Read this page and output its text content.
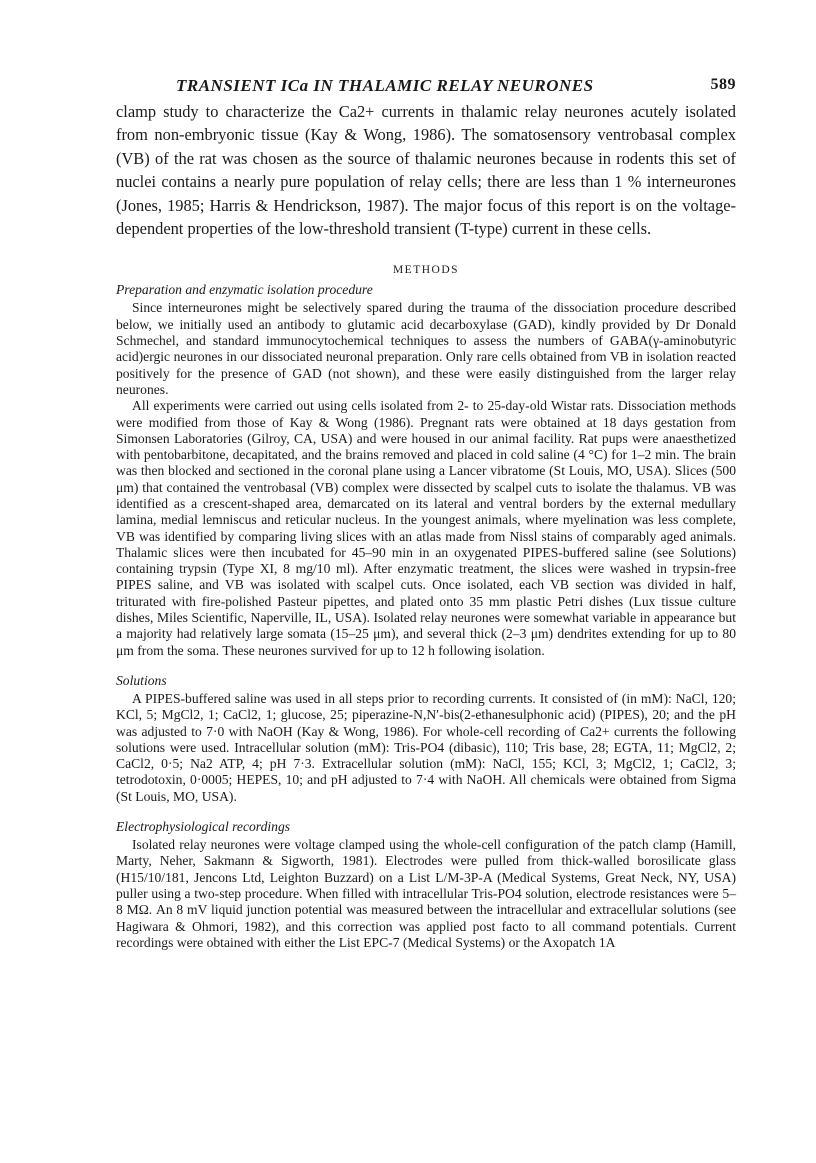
TRANSIENT ICa IN THALAMIC RELAY NEURONES	589

clamp study to characterize the Ca2+ currents in thalamic relay neurones acutely isolated from non-embryonic tissue (Kay & Wong, 1986). The somatosensory ventrobasal complex (VB) of the rat was chosen as the source of thalamic neurones because in rodents this set of nuclei contains a nearly pure population of relay cells; there are less than 1 % interneurones (Jones, 1985; Harris & Hendrickson, 1987). The major focus of this report is on the voltage-dependent properties of the low-threshold transient (T-type) current in these cells.

METHODS
Preparation and enzymatic isolation procedure

Since interneurones might be selectively spared during the trauma of the dissociation procedure described below, we initially used an antibody to glutamic acid decarboxylase (GAD), kindly provided by Dr Donald Schmechel, and standard immunocytochemical techniques to assess the numbers of GABA(γ-aminobutyric acid)ergic neurones in our dissociated neuronal preparation. Only rare cells obtained from VB in isolation reacted positively for the presence of GAD (not shown), and these were easily distinguished from the larger relay neurones.

All experiments were carried out using cells isolated from 2- to 25-day-old Wistar rats. Dissociation methods were modified from those of Kay & Wong (1986). Pregnant rats were obtained at 18 days gestation from Simonsen Laboratories (Gilroy, CA, USA) and were housed in our animal facility. Rat pups were anaesthetized with pentobarbitone, decapitated, and the brains removed and placed in cold saline (4 °C) for 1–2 min. The brain was then blocked and sectioned in the coronal plane using a Lancer vibratome (St Louis, MO, USA). Slices (500 μm) that contained the ventrobasal (VB) complex were dissected by scalpel cuts to isolate the thalamus. VB was identified as a crescent-shaped area, demarcated on its lateral and ventral borders by the external medullary lamina, medial lemniscus and reticular nucleus. In the youngest animals, where myelination was less complete, VB was identified by comparing living slices with an atlas made from Nissl stains of comparably aged animals. Thalamic slices were then incubated for 45–90 min in an oxygenated PIPES-buffered saline (see Solutions) containing trypsin (Type XI, 8 mg/10 ml). After enzymatic treatment, the slices were washed in trypsin-free PIPES saline, and VB was isolated with scalpel cuts. Once isolated, each VB section was divided in half, triturated with fire-polished Pasteur pipettes, and plated onto 35 mm plastic Petri dishes (Lux tissue culture dishes, Miles Scientific, Naperville, IL, USA). Isolated relay neurones were somewhat variable in appearance but a majority had relatively large somata (15–25 μm), and several thick (2–3 μm) dendrites extending for up to 80 μm from the soma. These neurones survived for up to 12 h following isolation.

Solutions

A PIPES-buffered saline was used in all steps prior to recording currents. It consisted of (in mM): NaCl, 120; KCl, 5; MgCl2, 1; CaCl2, 1; glucose, 25; piperazine-N,N′-bis(2-ethanesulphonic acid) (PIPES), 20; and the pH was adjusted to 7·0 with NaOH (Kay & Wong, 1986). For whole-cell recording of Ca2+ currents the following solutions were used. Intracellular solution (mM): Tris-PO4 (dibasic), 110; Tris base, 28; EGTA, 11; MgCl2, 2; CaCl2, 0·5; Na2 ATP, 4; pH 7·3. Extracellular solution (mM): NaCl, 155; KCl, 3; MgCl2, 1; CaCl2, 3; tetrodotoxin, 0·0005; HEPES, 10; and pH adjusted to 7·4 with NaOH. All chemicals were obtained from Sigma (St Louis, MO, USA).

Electrophysiological recordings

Isolated relay neurones were voltage clamped using the whole-cell configuration of the patch clamp (Hamill, Marty, Neher, Sakmann & Sigworth, 1981). Electrodes were pulled from thick-walled borosilicate glass (H15/10/181, Jencons Ltd, Leighton Buzzard) on a List L/M-3P-A (Medical Systems, Great Neck, NY, USA) puller using a two-step procedure. When filled with intracellular Tris-PO4 solution, electrode resistances were 5–8 MΩ. An 8 mV liquid junction potential was measured between the intracellular and extracellular solutions (see Hagiwara & Ohmori, 1982), and this correction was applied post facto to all command potentials. Current recordings were obtained with either the List EPC-7 (Medical Systems) or the Axopatch 1A
